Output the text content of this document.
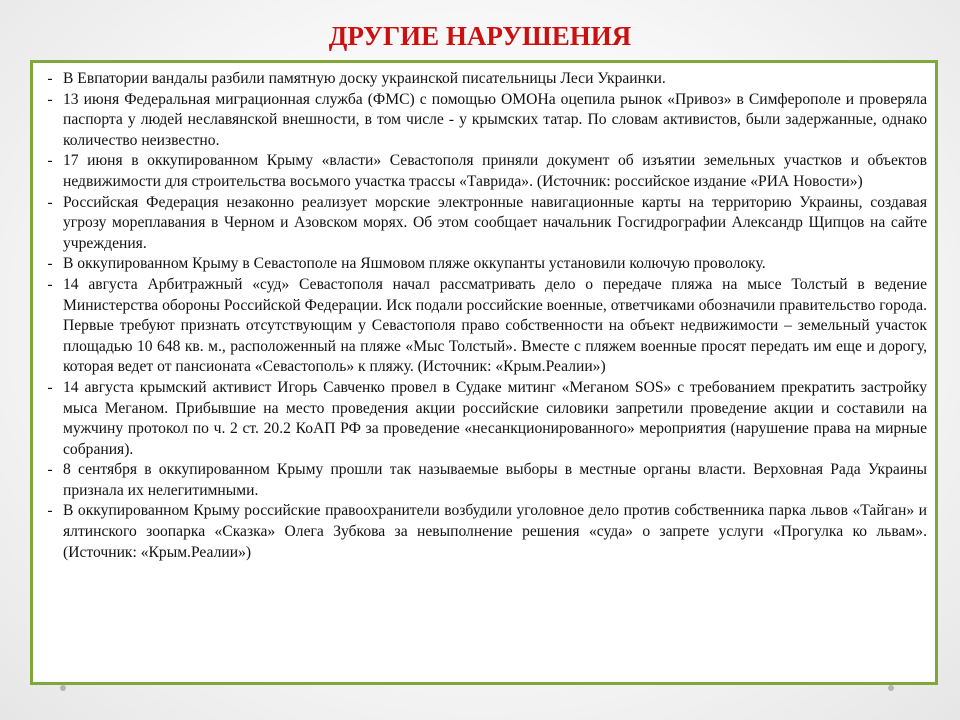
ДРУГИЕ НАРУШЕНИЯ
- В Евпатории вандалы разбили памятную доску украинской писательницы Леси Украинки.
- 13 июня Федеральная миграционная служба (ФМС) с помощью ОМОНа оцепила рынок «Привоз» в Симферополе и проверяла паспорта у людей неславянской внешности, в том числе - у крымских татар. По словам активистов, были задержанные, однако количество неизвестно.
- 17 июня в оккупированном Крыму «власти» Севастополя приняли документ об изъятии земельных участков и объектов недвижимости для строительства восьмого участка трассы «Таврида». (Источник: российское издание «РИА Новости»)
- Российская Федерация незаконно реализует морские электронные навигационные карты на территорию Украины, создавая угрозу мореплавания в Черном и Азовском морях. Об этом сообщает начальник Госгидрографии Александр Щипцов на сайте учреждения.
- В оккупированном Крыму в Севастополе на Яшмовом пляже оккупанты установили колючую проволоку.
- 14 августа Арбитражный «суд» Севастополя начал рассматривать дело о передаче пляжа на мысе Толстый в ведение Министерства обороны Российской Федерации. Иск подали российские военные, ответчиками обозначили правительство города. Первые требуют признать отсутствующим у Севастополя право собственности на объект недвижимости – земельный участок площадью 10 648 кв. м., расположенный на пляже «Мыс Толстый». Вместе с пляжем военные просят передать им еще и дорогу, которая ведет от пансионата «Севастополь» к пляжу. (Источник: «Крым.Реалии»)
- 14 августа крымский активист Игорь Савченко провел в Судаке митинг «Меганом SOS» с требованием прекратить застройку мыса Меганом. Прибывшие на место проведения акции российские силовики запретили проведение акции и составили на мужчину протокол по ч. 2 ст. 20.2 КоАП РФ за проведение «несанкционированного» мероприятия (нарушение права на мирные собрания).
- 8 сентября в оккупированном Крыму прошли так называемые выборы в местные органы власти. Верховная Рада Украины признала их нелегитимными.
- В оккупированном Крыму российские правоохранители возбудили уголовное дело против собственника парка львов «Тайган» и ялтинского зоопарка «Сказка» Олега Зубкова за невыполнение решения «суда» о запрете услуги «Прогулка ко львам». (Источник: «Крым.Реалии»)
